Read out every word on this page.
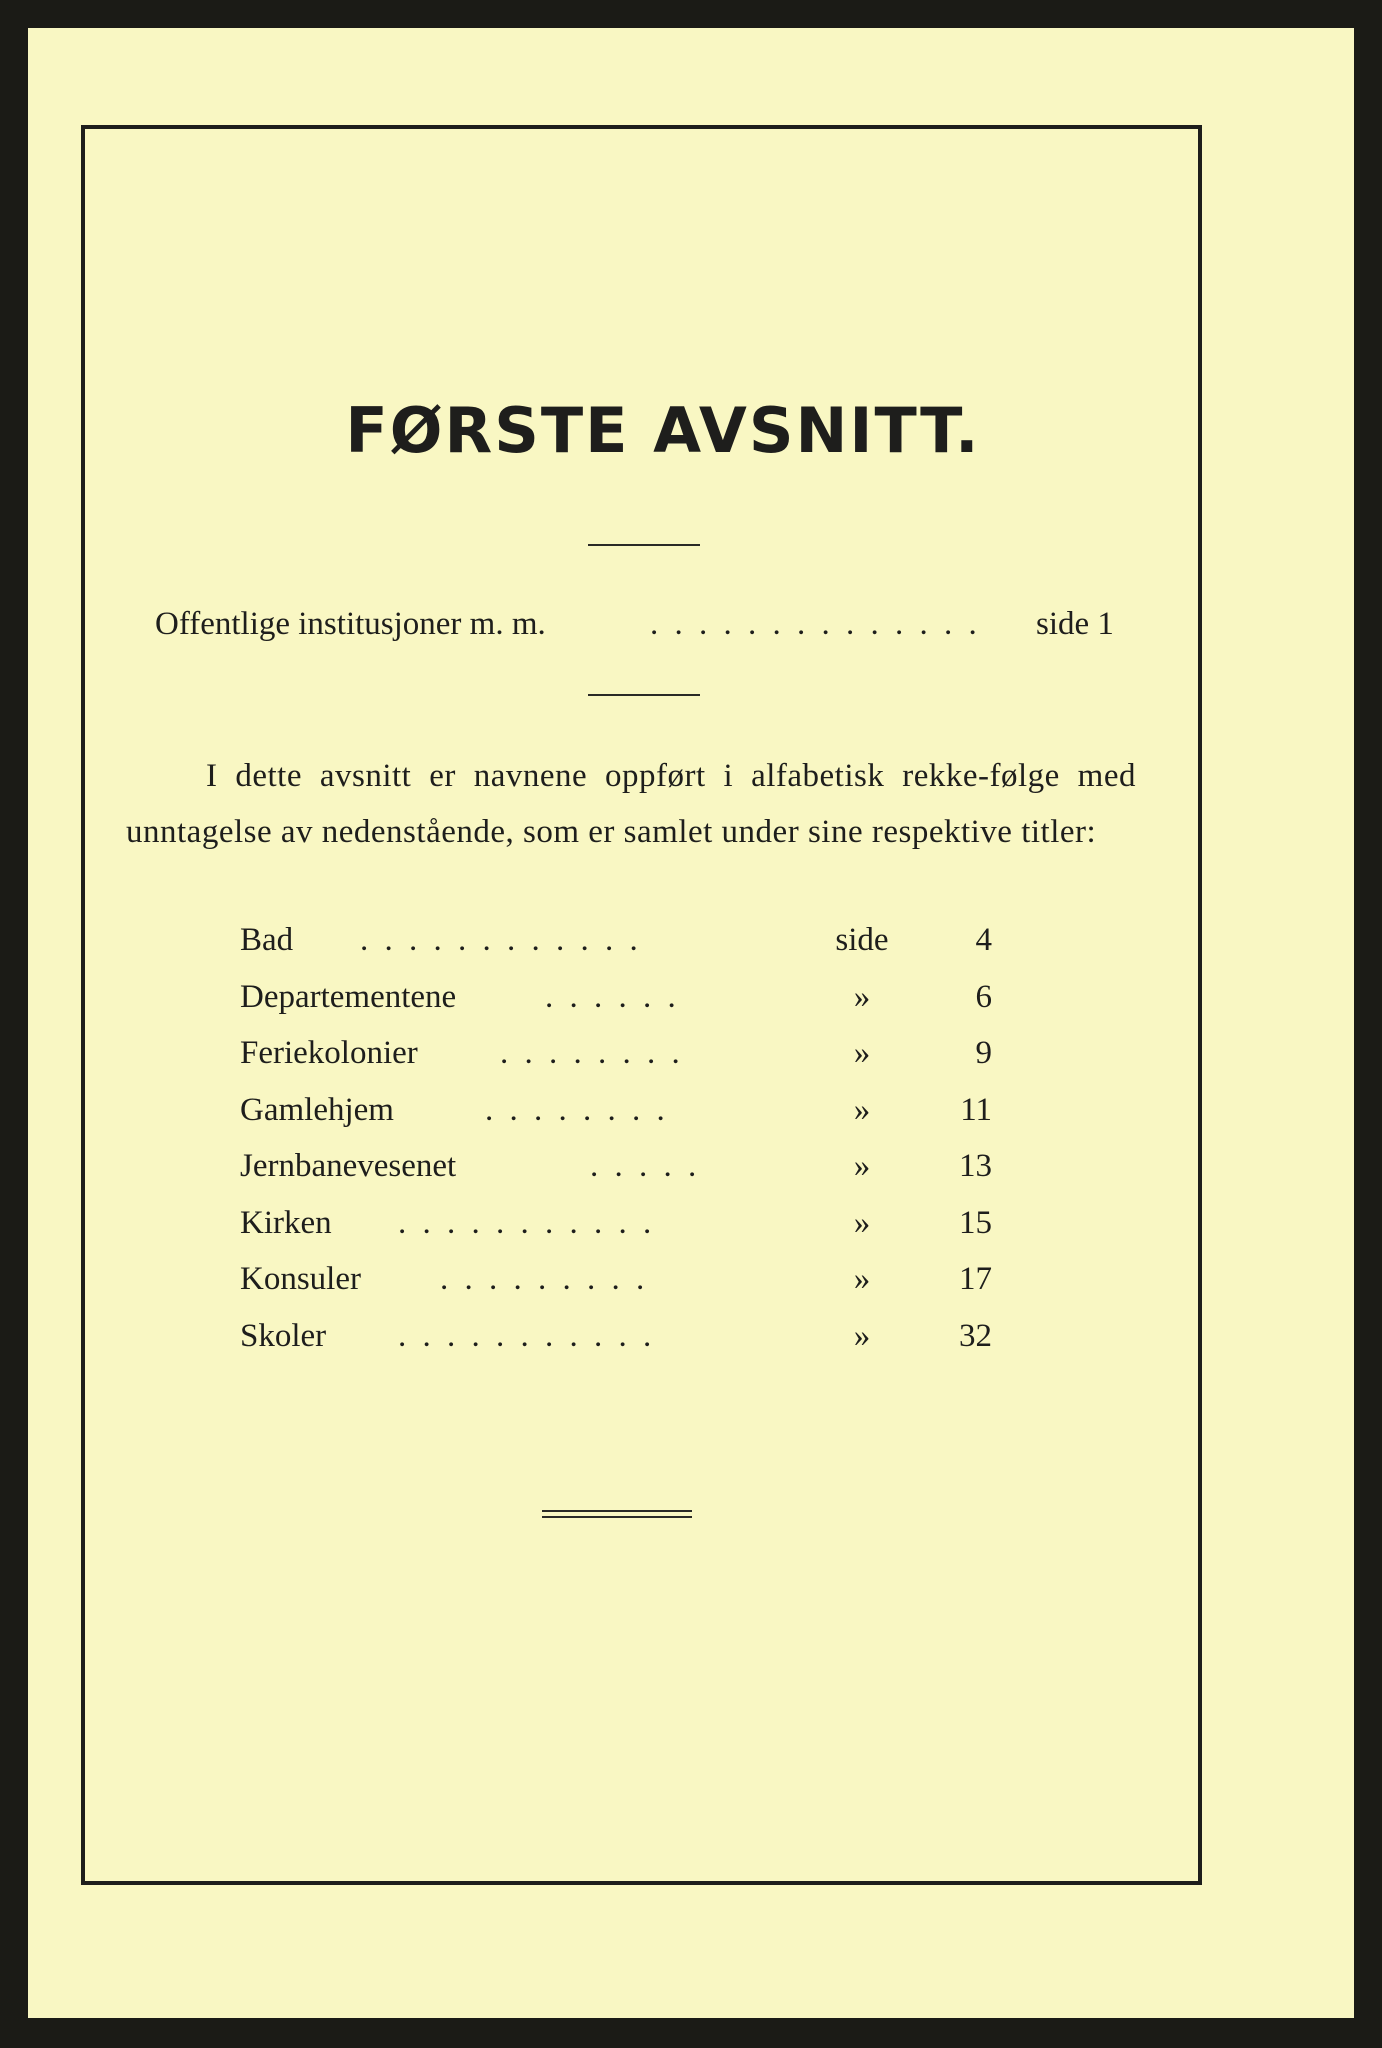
FØRSTE AVSNITT.
Offentlige institusjoner m. m.	. . . . . . . . . . . . . . side 1
I dette avsnitt er navnene oppført i alfabetisk rekke-følge med unntagelse av nedenstående, som er samlet under sine respektive titler:
Bad . . . . . . . . . . . .	side	4
Departementene	. . . . . .	»	6
Feriekolonier . . . . . . . .	»	9
Gamlehjem	. . . . . . . .	»	11
Jernbanevesenet	. . . . .	»	13
Kirken . . . . . . . . . . .	»	15
Konsuler . . . . . . . . .	»	17
Skoler . . . . . . . . . . .	»	32
